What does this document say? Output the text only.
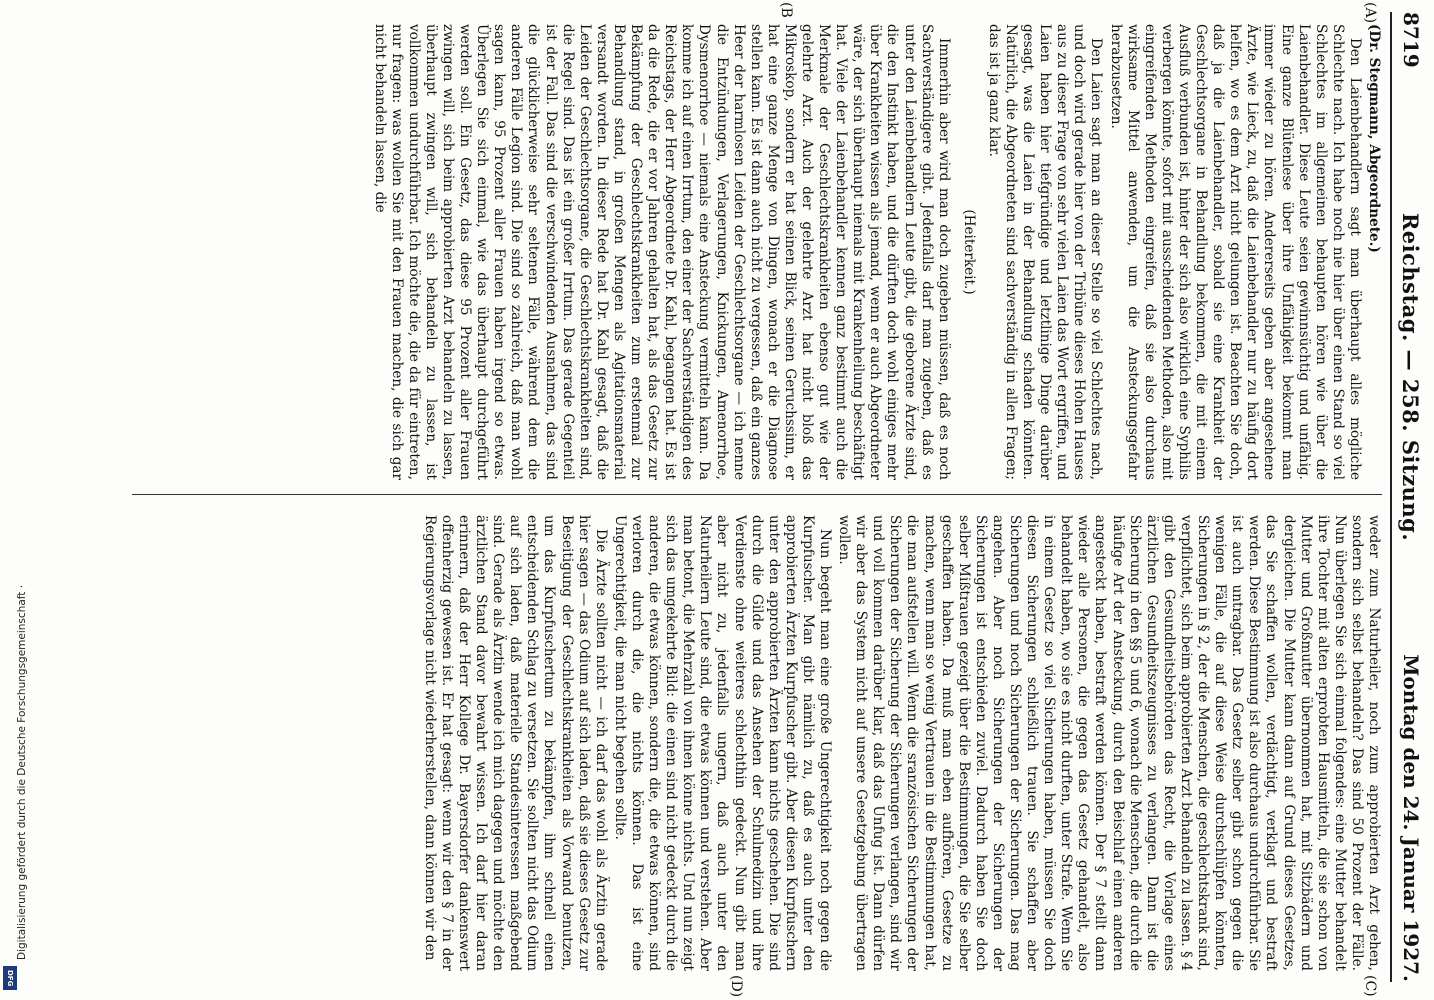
8719
Reichstag. — 258. Sitzung.
Montag den 24. Januar 1927.
(A)
(B
(C)
(D)

(Dr. Stegmann, Abgeordnete.)

Den Laienbehandlern sagt man überhaupt alles mögliche Schlechte nach. Ich habe noch nie hier über einen Stand so viel Schlechtes im allgemeinen behaupten hören wie über die Laienbehandler. Diese Leute seien gewinnsüchtig und unfähig. Eine ganze Blütenlese über ihre Unfähigkeit bekommt man immer wieder zu hören. Andererseits geben aber angesehene Ärzte, wie Lieck, zu, daß die Laienbehandler nur zu häufig dort helfen, wo es dem Arzt nicht gelungen ist. Beachten Sie doch, daß ja die Laienbehandler, sobald sie eine Krankheit der Geschlechtsorgane in Behandlung bekommen, die mit einem Ausfluß verbunden ist, hinter der sich also wirklich eine Syphilis verbergen könnte, sofort mit ausscheidenden Methoden, also mit eingreifenden Methoden eingreifen, daß sie also durchaus wirksame Mittel anwenden, um die Ansteckungsgefahr herabzusetzen.

Den Laien sagt man an dieser Stelle so viel Schlechtes nach, und doch wird gerade hier von der Tribüne dieses Hohen Hauses aus zu dieser Frage von sehr vielen Laien das Wort ergriffen, und Laien haben hier tiefgründige und letztlinige Dinge darüber gesagt, was die Laien in der Behandlung schaden könnten. Natürlich, die Abgeordneten sind sachverständig in allen Fragen; das ist ja ganz klar.

(Heiterkeit.)

Immerhin aber wird man doch zugeben müssen, daß es noch Sachverständigere gibt. Jedenfalls darf man zugeben, daß es unter den Laienbehandlern Leute gibt, die geborene Ärzte sind, die den Instinkt haben, und die dürften doch wohl einiges mehr über Krankheiten wissen als jemand, wenn er auch Abgeordneter wäre, der sich überhaupt niemals mit Krankenheilung beschäftigt hat. Viele der Laienbehandler kennen ganz bestimmt auch die Merkmale der Geschlechtskrankheiten ebenso gut wie der gelehrte Arzt. Auch der gelehrte Arzt hat nicht bloß das Mikroskop, sondern er hat seinen Blick, seinen Geruchssinn, er hat eine ganze Menge von Dingen, wonach er die Diagnose stellen kann. Es ist dann auch nicht zu vergessen, daß ein ganzes Heer der harmlosen Leiden der Geschlechtsorgane — ich nenne die Entzündungen, Verlagerungen, Knickungen, Amenorrhoe, Dysmenorrhoe — niemals eine Ansteckung vermitteln kann. Da komme ich auf einen Irrtum, den einer der Sachverständigen des Reichstags, der Herr Abgeordnete Dr. Kahl, begangen hat. Es ist da die Rede, die er vor Jahren gehalten hat, als das Gesetz zur Bekämpfung der Geschlechtskrankheiten zum erstenmal zur Behandlung stand, in großen Mengen als Agitationsmaterial versandt worden. In dieser Rede hat Dr. Kahl gesagt, daß die Leiden der Geschlechtsorgane, die Geschlechtskrankheiten sind, die Regel sind. Das ist ein großer Irrtum. Das gerade Gegenteil ist der Fall. Das sind die verschwindenden Ausnahmen, das sind die glücklicherweise sehr seltenen Fälle, während dem die anderen Fälle Legion sind. Die sind so zahlreich, daß man wohl sagen kann, 95 Prozent aller Frauen haben irgend so etwas. Überlegen Sie sich einmal, wie das überhaupt durchgeführt werden soll. Ein Gesetz, das diese 95 Prozent aller Frauen zwingen will, sich beim approbierten Arzt behandeln zu lassen, überhaupt zwingen will, sich behandeln zu lassen, ist vollkommen undurchführbar. Ich möchte die, die da für eintreten, nur fragen: was wollen Sie mit den Frauen machen, die sich gar nicht behandeln lassen, die

weder zum Naturheiler, noch zum approbierten Arzt gehen, sondern sich selbst behandeln? Das sind 50 Prozent der Fälle. Nun überlegen Sie sich einmal folgendes: eine Mutter behandelt ihre Tochter mit alten erprobten Hausmitteln, die sie schon von Mutter und Großmutter übernommen hat, mit Sitzbädern und dergleichen. Die Mutter kann dann auf Grund dieses Gesetzes, das Sie schaffen wollen, verdächtigt, verklagt und bestraft werden. Diese Bestimmung ist also durchaus undurchführbar. Sie ist auch untragbar. Das Gesetz selber gibt schon gegen die wenigen Fälle, die auf diese Weise durchschlüpfen könnten, Sicherungen in § 2, der die Menschen, die geschlechtskrank sind, verpflichtet, sich beim approbierten Arzt behandeln zu lassen. § 4 gibt den Gesundheitsbehörden das Recht, die Vorlage eines ärztlichen Gesundheitszeugnisses zu verlangen. Dann ist die Sicherung in den §§ 5 und 6, wonach die Menschen, die durch die häufige Art der Ansteckung, durch den Beischlaf einen anderen angesteckt haben, bestraft werden können. Der § 7 stellt dann wieder alle Personen, die gegen das Gesetz gehandelt, also behandelt haben, wo sie es nicht durften, unter Strafe. Wenn Sie in einem Gesetz so viel Sicherungen haben, müssen Sie doch diesen Sicherungen schließlich trauen. Sie schaffen aber Sicherungen und noch Sicherungen der Sicherungen. Das mag angehen. Aber noch Sicherungen der Sicherungen der Sicherungen ist entschieden zuviel. Dadurch haben Sie doch selber Mißtrauen gezeigt über die Bestimmungen, die Sie selber geschaffen haben. Da muß man eben aufhören, Gesetze zu machen, wenn man so wenig Vertrauen in die Bestimmungen hat, die man aufstellen will. Wenn die sranzösischen Sicherungen der Sicherungen der Sicherung der Sicherungen verlangen, sind wir und voll kommen darüber klar, daß das Unfug ist. Dann dürfen wir aber das System nicht auf unsere Gesetzgebung übertragen wollen.

Nun begeht man eine große Ungerechtigkeit noch gegen die Kurpfuscher. Man gibt nämlich zu, daß es auch unter den approbierten Ärzten Kurpfuscher gibt. Aber diesen Kurpfuschern unter den approbierten Ärzten kann nichts geschehen. Die sind durch die Gilde und das Ansehen der Schulmedizin und ihre Verdienste ohne weiteres schlechthin gedeckt. Nun gibt man aber nicht zu, jedenfalls ungern, daß auch unter den Naturheilern Leute sind, die etwas können und verstehen. Aber man betont, die Mehrzahl von ihnen könne nichts. Und nun zeigt sich das umgekehrte Bild: die einen sind nicht gedeckt durch die anderen, die etwas können, sondern die, die etwas können, sind verloren durch die, die nichts können. Das ist eine Ungerechtigkeit, die man nicht begehen sollte.

Die Ärzte sollten nicht — ich darf das wohl als Ärztin gerade hier sagen — das Odium auf sich laden, daß sie dieses Gesetz zur Beseitigung der Geschlechtskrankheiten als Vorwand benutzen, um das Kurpfuschertum zu bekämpfen, ihm schnell einen entscheidenden Schlag zu versetzen. Sie sollten nicht das Odium auf sich laden, daß materielle Standesinteressen maßgebend sind. Gerade als Ärztin wende ich mich dagegen und möchte den ärztlichen Stand davor bewahrt wissen. Ich darf hier daran erinnern, daß der Herr Kollege Dr. Bayersdorfer dankenswert offenherzig gewesen ist. Er hat gesagt: wenn wir den § 7 in der Regierungsvorlage nicht wiederherstellen, dann können wir den

Digitalisierung gefördert durch die Deutsche Forschungsgemeinschaft ·
DFG
